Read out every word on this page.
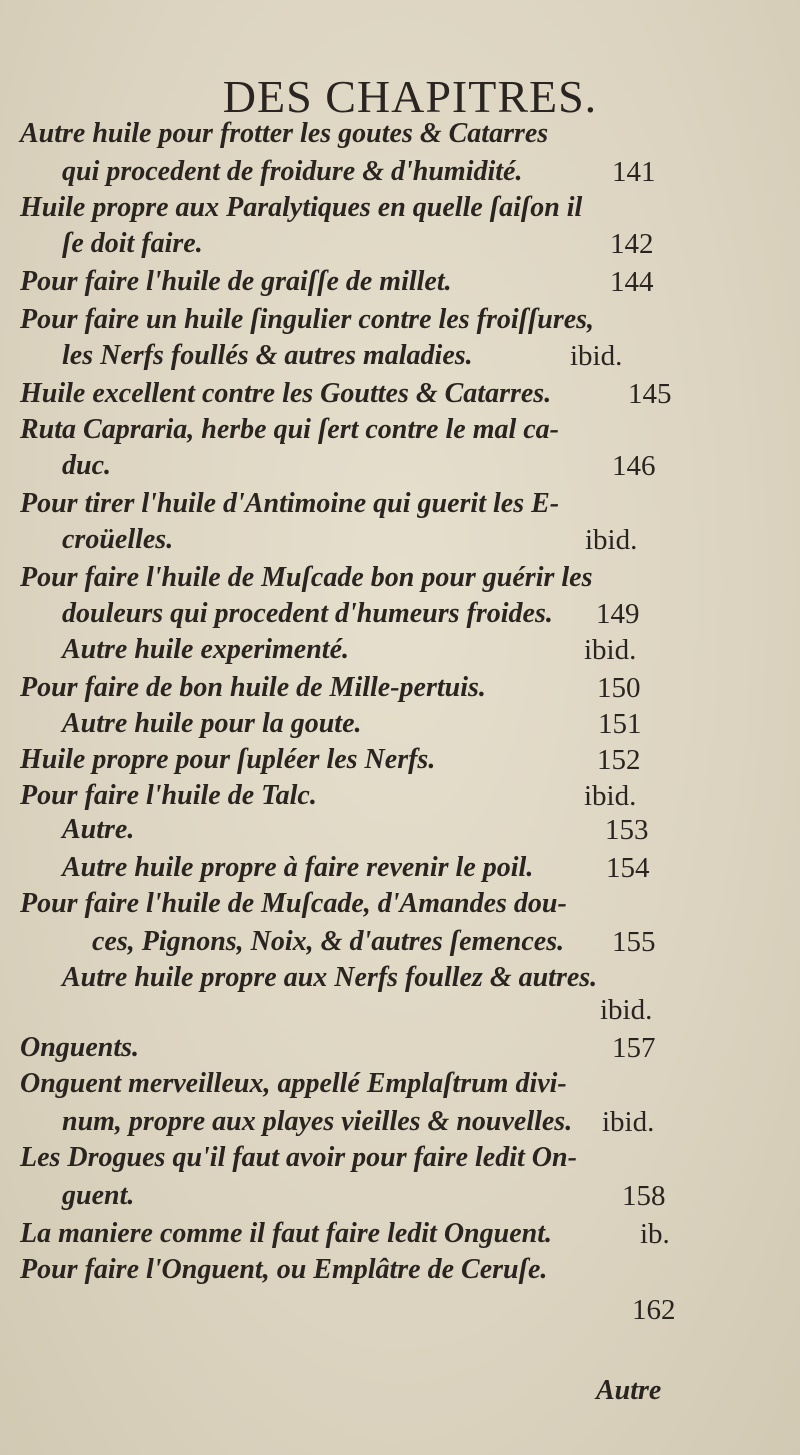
DES CHAPITRES.
Autre huile pour frotter les goutes & Catarres
qui procedent de froidure & d'humidité.	141
Huile propre aux Paralytiques en quelle ſaiſon il
ſe doit faire.	142
Pour faire l'huile de graiſſe de millet.	144
Pour faire un huile ſingulier contre les froiſſures,
les Nerfs foullés & autres maladies.	ibid.
Huile excellent contre les Gouttes & Catarres.	145
Ruta Capraria, herbe qui ſert contre le mal ca-
duc.	146
Pour tirer l'huile d'Antimoine qui guerit les E-
croüelles.	ibid.
Pour faire l'huile de Muſcade bon pour guérir les
douleurs qui procedent d'humeurs froides. 149
Autre huile experimenté.	ibid.
Pour faire de bon huile de Mille-pertuis.	150
Autre huile pour la goute.	151
Huile propre pour ſupléer les Nerfs.	152
Pour faire l'huile de Talc.	ibid.
Autre.	153
Autre huile propre à faire revenir le poil.	154
Pour faire l'huile de Muſcade, d'Amandes dou-
ces, Pignons, Noix, & d'autres ſemences. 155
Autre huile propre aux Nerfs foullez & autres.
ibid.
Onguents.	157
Onguent merveilleux, appellé Emplaſtrum divi-
num, propre aux playes vieilles & nouvelles. ibid.
Les Drogues qu'il faut avoir pour faire ledit On-
guent.	158
La maniere comme il faut faire ledit Onguent.	ib.
Pour faire l'Onguent, ou Emplâtre de Ceruſe.
162
Autre
